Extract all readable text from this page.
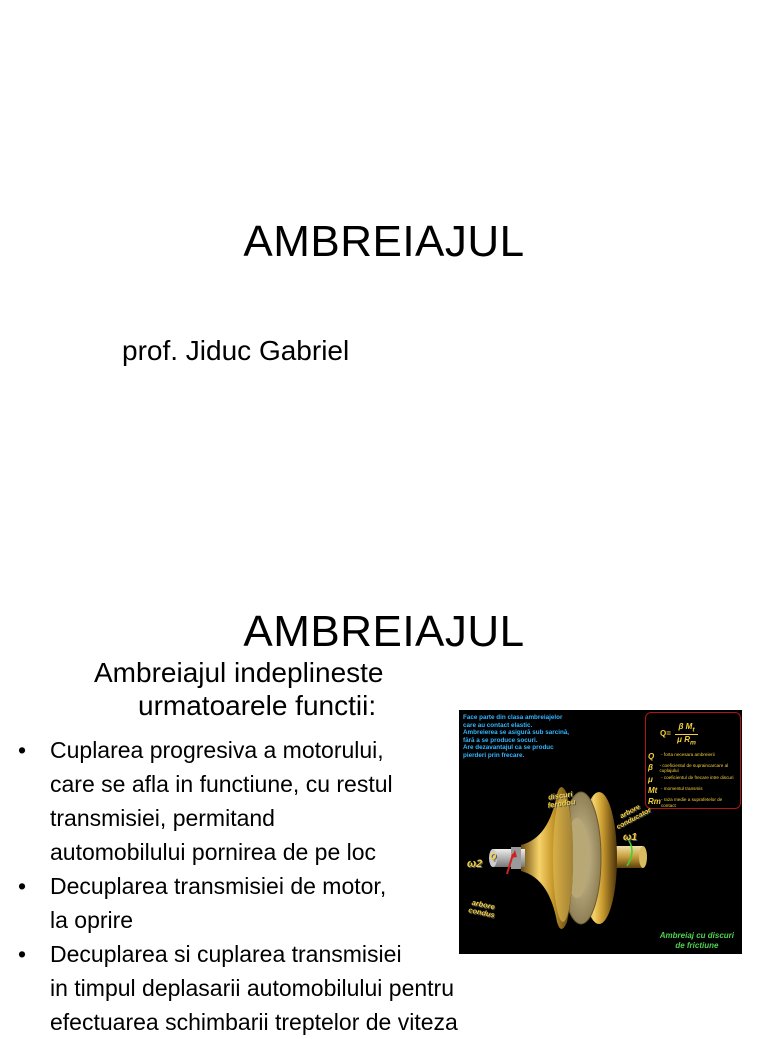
AMBREIAJUL
prof. Jiduc Gabriel
AMBREIAJUL
Ambreiajul indeplineste
urmatoarele functii:
•	Cuplarea progresiva a motorului,
care se afla in functiune, cu restul
transmisiei, permitand
automobilului pornirea de pe loc
•	Decuplarea transmisiei de motor,
la oprire
•	Decuplarea si cuplarea transmisiei
in timpul deplasarii automobilului pentru
efectuarea schimbarii treptelor de viteza
Face parte din clasa ambreiajelor
care au contact elastic.
Ambreierea se asigură sub sarcină,
fără a se produce socuri.
Are dezavantajul ca se produc
pierderi prin frecare.
$Q= \frac{\beta M_t}{\mu R_m}$
Q	- forta necesara ambreierii
β	- coeficientul de supraincarcare al cuplajului
μ	- coeficientul de frecare intre discuri
Mt - momentul transmis
Rm - raza medie a suprafetelor de contact
discuri
ferodou
arbore
conducator
arbore
condus
ω1
ω2
Q
Ambreiaj cu discuri
de frictiune
